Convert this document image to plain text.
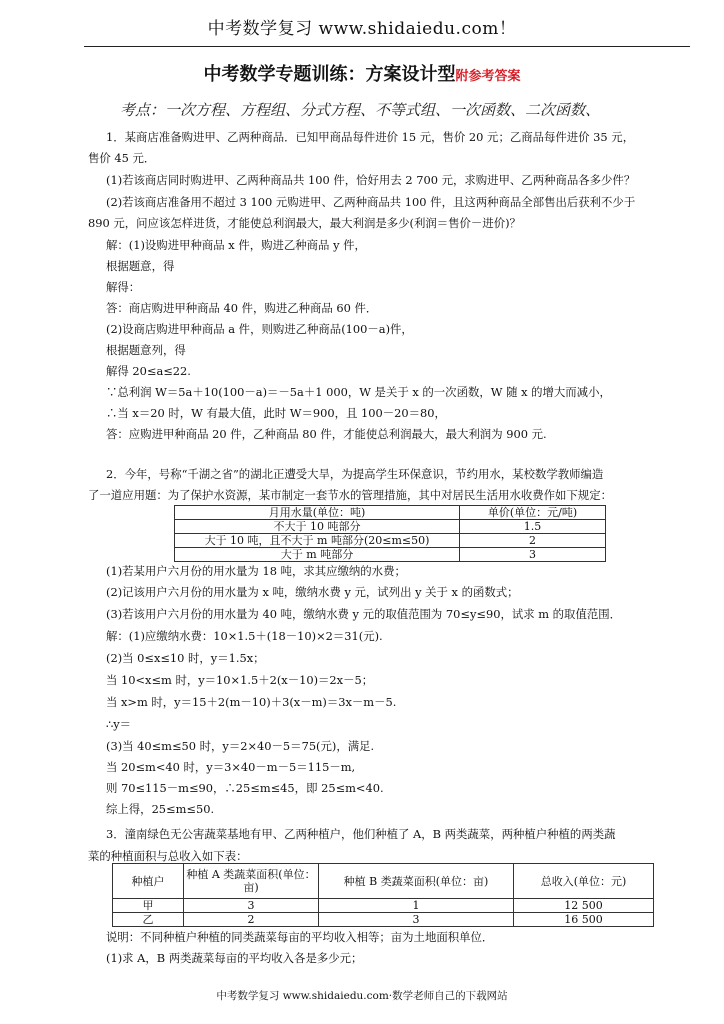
中考数学复习 www.shidaiedu.com！
中考数学专题训练：方案设计型附参考答案
考点：一次方程、方程组、分式方程、不等式组、一次函数、二次函数、
1．某商店准备购进甲、乙两种商品．已知甲商品每件进价 15 元，售价 20 元；乙商品每件进价 35 元，
售价 45 元．
(1)若该商店同时购进甲、乙两种商品共 100 件，恰好用去 2 700 元，求购进甲、乙两种商品各多少件？
(2)若该商店准备用不超过 3 100 元购进甲、乙两种商品共 100 件，且这两种商品全部售出后获利不少于
890 元，问应该怎样进货，才能使总利润最大，最大利润是多少(利润＝售价－进价)？
解：(1)设购进甲种商品 x 件，购进乙种商品 y 件，
根据题意，得
解得：
答：商店购进甲种商品 40 件，购进乙种商品 60 件．
(2)设商店购进甲种商品 a 件，则购进乙种商品(100－a)件，
根据题意列，得
解得 20≤a≤22.
∵总利润 W＝5a＋10(100－a)＝－5a＋1 000，W 是关于 x 的一次函数，W 随 x 的增大而减小，
∴当 x＝20 时，W 有最大值，此时 W＝900，且 100－20＝80，
答：应购进甲种商品 20 件，乙种商品 80 件，才能使总利润最大，最大利润为 900 元.
2．今年，号称“千湖之省”的湖北正遭受大旱，为提高学生环保意识，节约用水，某校数学教师编造
了一道应用题：为了保护水资源，某市制定一套节水的管理措施，其中对居民生活用水收费作如下规定：
月用水量(单位：吨)	单价(单位：元/吨)
不大于 10 吨部分	1.5
大于 10 吨，且不大于 m 吨部分(20≤m≤50)	2
大于 m 吨部分	3
(1)若某用户六月份的用水量为 18 吨，求其应缴纳的水费；
(2)记该用户六月份的用水量为 x 吨，缴纳水费 y 元，试列出 y 关于 x 的函数式；
(3)若该用户六月份的用水量为 40 吨，缴纳水费 y 元的取值范围为 70≤y≤90，试求 m 的取值范围．
解：(1)应缴纳水费：10×1.5＋(18－10)×2＝31(元).
(2)当 0≤x≤10 时，y＝1.5x；
当 10<x≤m 时，y＝10×1.5＋2(x－10)＝2x－5；
当 x>m 时，y＝15＋2(m－10)＋3(x－m)＝3x－m－5.
∴y＝
(3)当 40≤m≤50 时，y＝2×40－5＝75(元)，满足.
当 20≤m<40 时，y＝3×40－m－5＝115－m,
则 70≤115－m≤90，∴25≤m≤45，即 25≤m<40.
综上得，25≤m≤50.
3．潼南绿色无公害蔬菜基地有甲、乙两种植户，他们种植了 A，B 两类蔬菜，两种植户种植的两类蔬
菜的种植面积与总收入如下表：
种植户	种植 A 类蔬菜面积(单位：亩)	种植 B 类蔬菜面积(单位：亩)	总收入(单位：元)
甲	3	1	12 500
乙	2	3	16 500
说明：不同种植户种植的同类蔬菜每亩的平均收入相等；亩为土地面积单位．
(1)求 A，B 两类蔬菜每亩的平均收入各是多少元；
中考数学复习 www.shidaiedu.com·数学老师自己的下载网站
